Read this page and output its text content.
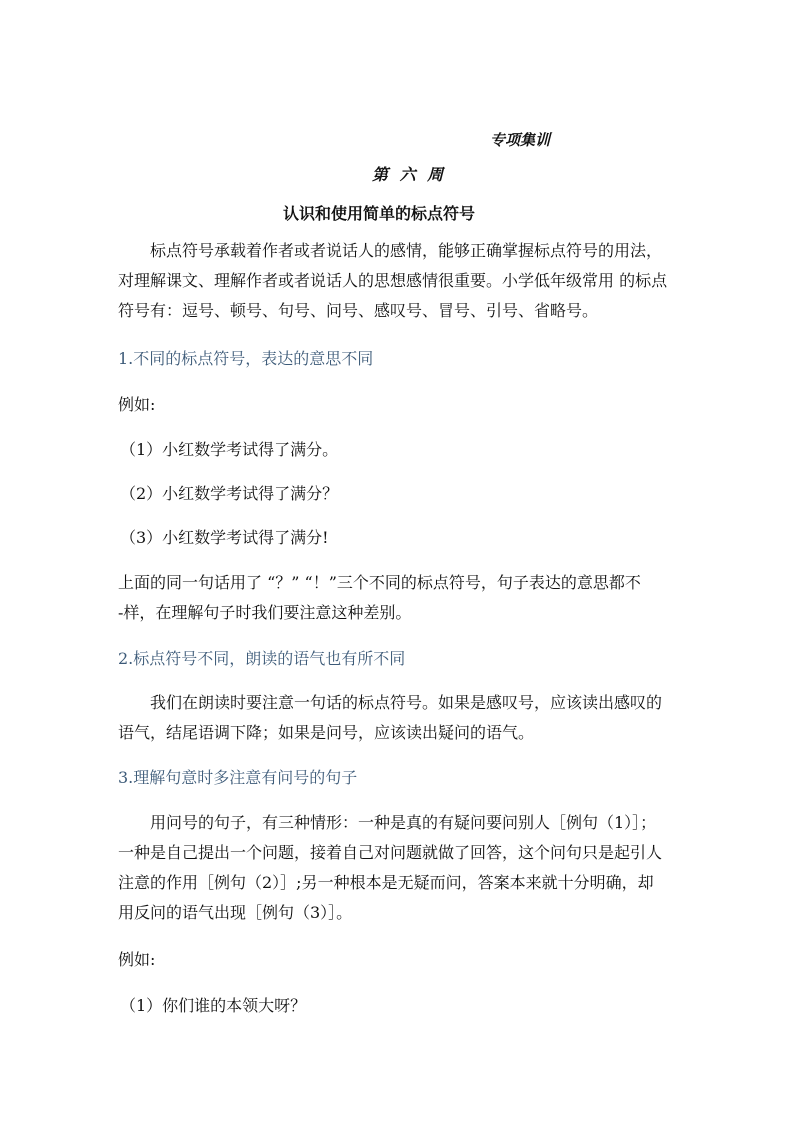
专项集训
第 六 周
认识和使用简单的标点符号

标点符号承载着作者或者说话人的感情，能够正确掌握标点符号的用法，

对理解课文、理解作者或者说话人的思想感情很重要。小学低年级常用 的标点

符号有：逗号、顿号、句号、问号、感叹号、冒号、引号、省略号。

1.不同的标点符号，表达的意思不同
例如:
（1）小红数学考试得了满分。
（2）小红数学考试得了满分？
（3）小红数学考试得了满分!

上面的同一句话用了 “？” “！”三个不同的标点符号，句子表达的意思都不

-样，在理解句子时我们要注意这种差别。

2.标点符号不同，朗读的语气也有所不同

我们在朗读时要注意一句话的标点符号。如果是感叹号，应该读出感叹的

语气，结尾语调下降；如果是问号，应该读出疑问的语气。

3.理解句意时多注意有问号的句子

用问号的句子，有三种情形：一种是真的有疑问要问别人［例句（1）］；

一种是自己提出一个问题，接着自己对问题就做了回答，这个问句只是起引人

注意的作用［例句（2）］;另一种根本是无疑而问，答案本来就十分明确，却

用反问的语气出现［例句（3）］。

例如:
（1）你们谁的本领大呀？
